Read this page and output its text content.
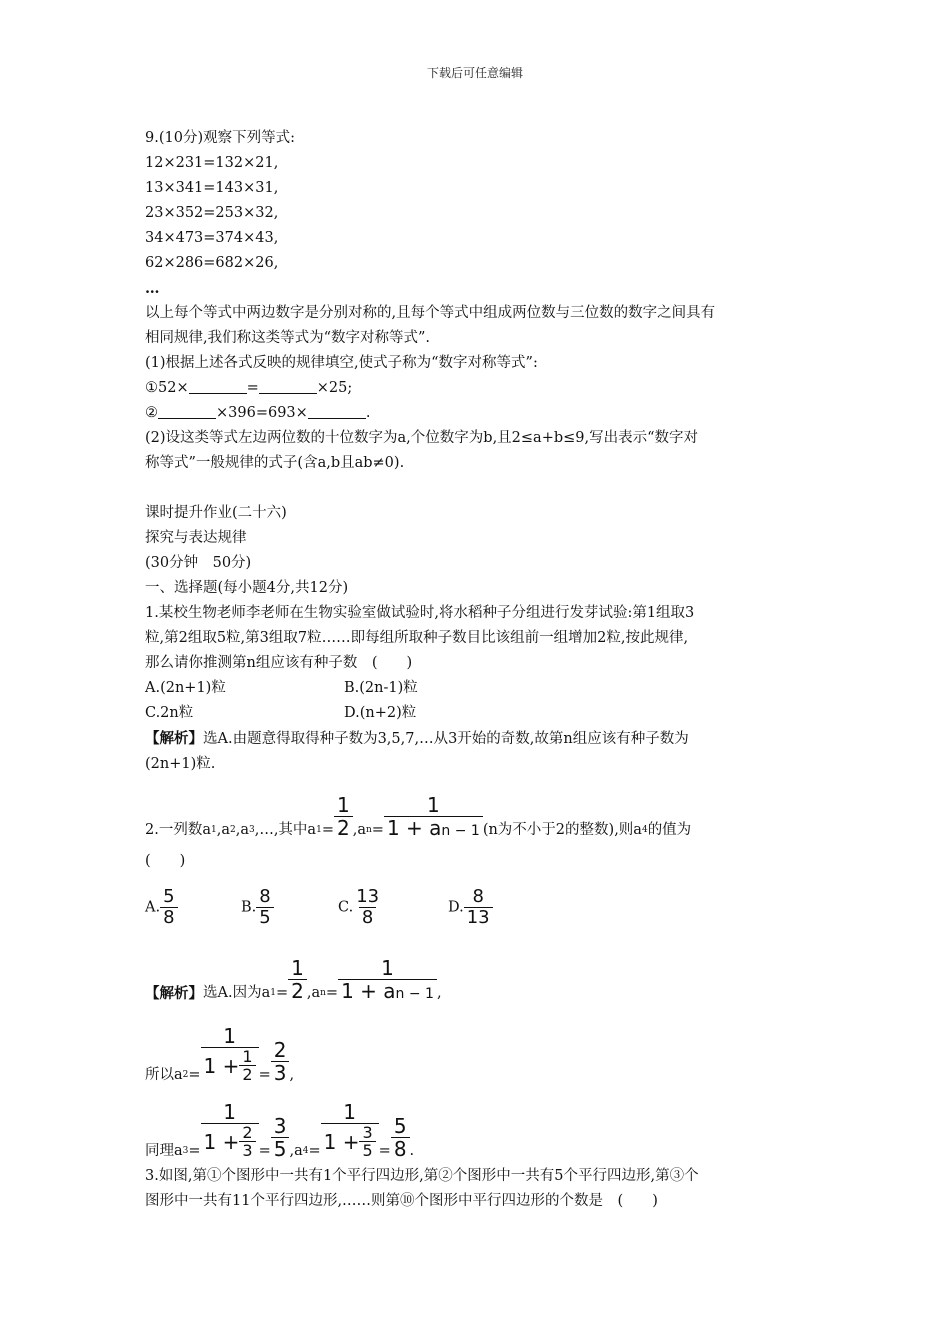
下载后可任意编辑
9.(10分)观察下列等式:
12×231=132×21,
13×341=143×31,
23×352=253×32,
34×473=374×43,
62×286=682×26,
…
以上每个等式中两边数字是分别对称的,且每个等式中组成两位数与三位数的数字之间具有
相同规律,我们称这类等式为“数字对称等式”.
(1)根据上述各式反映的规律填空,使式子称为“数字对称等式”:
①52×	=	×25;
②	×396=693×	.
(2)设这类等式左边两位数的十位数字为a,个位数字为b,且2≤a+b≤9,写出表示“数字对
称等式”一般规律的式子(含a,b且ab≠0).
课时提升作业(二十六)
探究与表达规律
(30分钟　50分)
一、选择题(每小题4分,共12分)
1.某校生物老师李老师在生物实验室做试验时,将水稻种子分组进行发芽试验:第1组取3
粒,第2组取5粒,第3组取7粒……即每组所取种子数目比该组前一组增加2粒,按此规律,
那么请你推测第n组应该有种子数　(　　)
A.(2n+1)粒	B.(2n-1)粒
C.2n粒	D.(n+2)粒
【解析】选A.由题意得取得种子数为3,5,7,…从3开始的奇数,故第n组应该有种子数为
(2n+1)粒.
2.一列数a 1 ,a 2 ,a 3 ,…,其中a $1 = \frac{1}{2}$ , a $n = \frac{1}{1 + an - 1} (n$为不小于2的整数),则a 4 的值为
(　　)
A. $\frac{5}{8}$	B. $\frac{8}{5}$	C. $\frac{13}{8}$	D. $\frac{8}{13}$
【解析】 选A.因为a $1 = \frac{1}{2}$ , a $n = \frac{1}{1 + an - 1}$ ,
所以a $2 = \frac{1}{1 + \frac{1}{2}} = \frac{2}{3}$ ,
同理a $3 = \frac{1}{1 + \frac{2}{3}} = \frac{3}{5} ,a$ $4 = \frac{1}{1 + \frac{3}{5}} = \frac{5}{8}$ .
3.如图,第①个图形中一共有1个平行四边形,第②个图形中一共有5个平行四边形,第③个
图形中一共有11个平行四边形,……则第⑩个图形中平行四边形的个数是　(　　)
